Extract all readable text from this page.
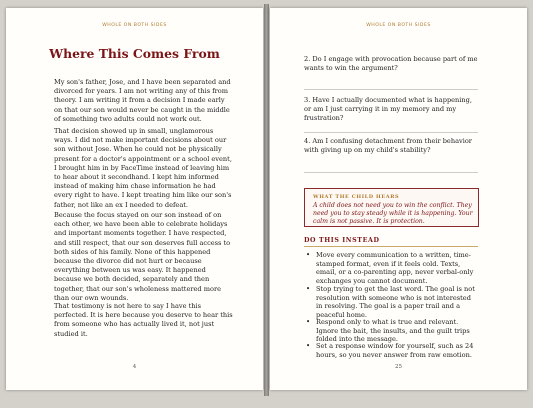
WHOLE ON BOTH SIDES
Where This Comes From

My son's father, Jose, and I have been separated and divorced for years. I am not writing any of this from theory. I am writing it from a decision I made early on that our son would never be caught in the middle of something two adults could not work out.

That decision showed up in small, unglamorous ways. I did not make important decisions about our son without Jose. When he could not be physically present for a doctor's appointment or a school event, I brought him in by FaceTime instead of leaving him to hear about it secondhand. I kept him informed instead of making him chase information he had every right to have. I kept treating him like our son's father, not like an ex I needed to defeat.

Because the focus stayed on our son instead of on each other, we have been able to celebrate holidays and important moments together. I have respected, and still respect, that our son deserves full access to both sides of his family. None of this happened because the divorce did not hurt or because everything between us was easy. It happened because we both decided, separately and then together, that our son's wholeness mattered more than our own wounds.

That testimony is not here to say I have this perfected. It is here because you deserve to hear this from someone who has actually lived it, not just studied it.

4
WHOLE ON BOTH SIDES

2. Do I engage with provocation because part of me wants to win the argument?

3. Have I actually documented what is happening, or am I just carrying it in my memory and my frustration?

4. Am I confusing detachment from their behavior with giving up on my child's stability?

WHAT THE CHILD HEARS

A child does not need you to win the conflict. They need you to stay steady while it is happening. Your calm is not passive. It is protection.

DO THIS INSTEAD

• Move every communication to a written, time-stamped format, even if it feels cold. Texts, email, or a co-parenting app, never verbal-only exchanges you cannot document.

• Stop trying to get the last word. The goal is not resolution with someone who is not interested in resolving. The goal is a paper trail and a peaceful home.

• Respond only to what is true and relevant. Ignore the bait, the insults, and the guilt trips folded into the message.

• Set a response window for yourself, such as 24 hours, so you never answer from raw emotion.

25
